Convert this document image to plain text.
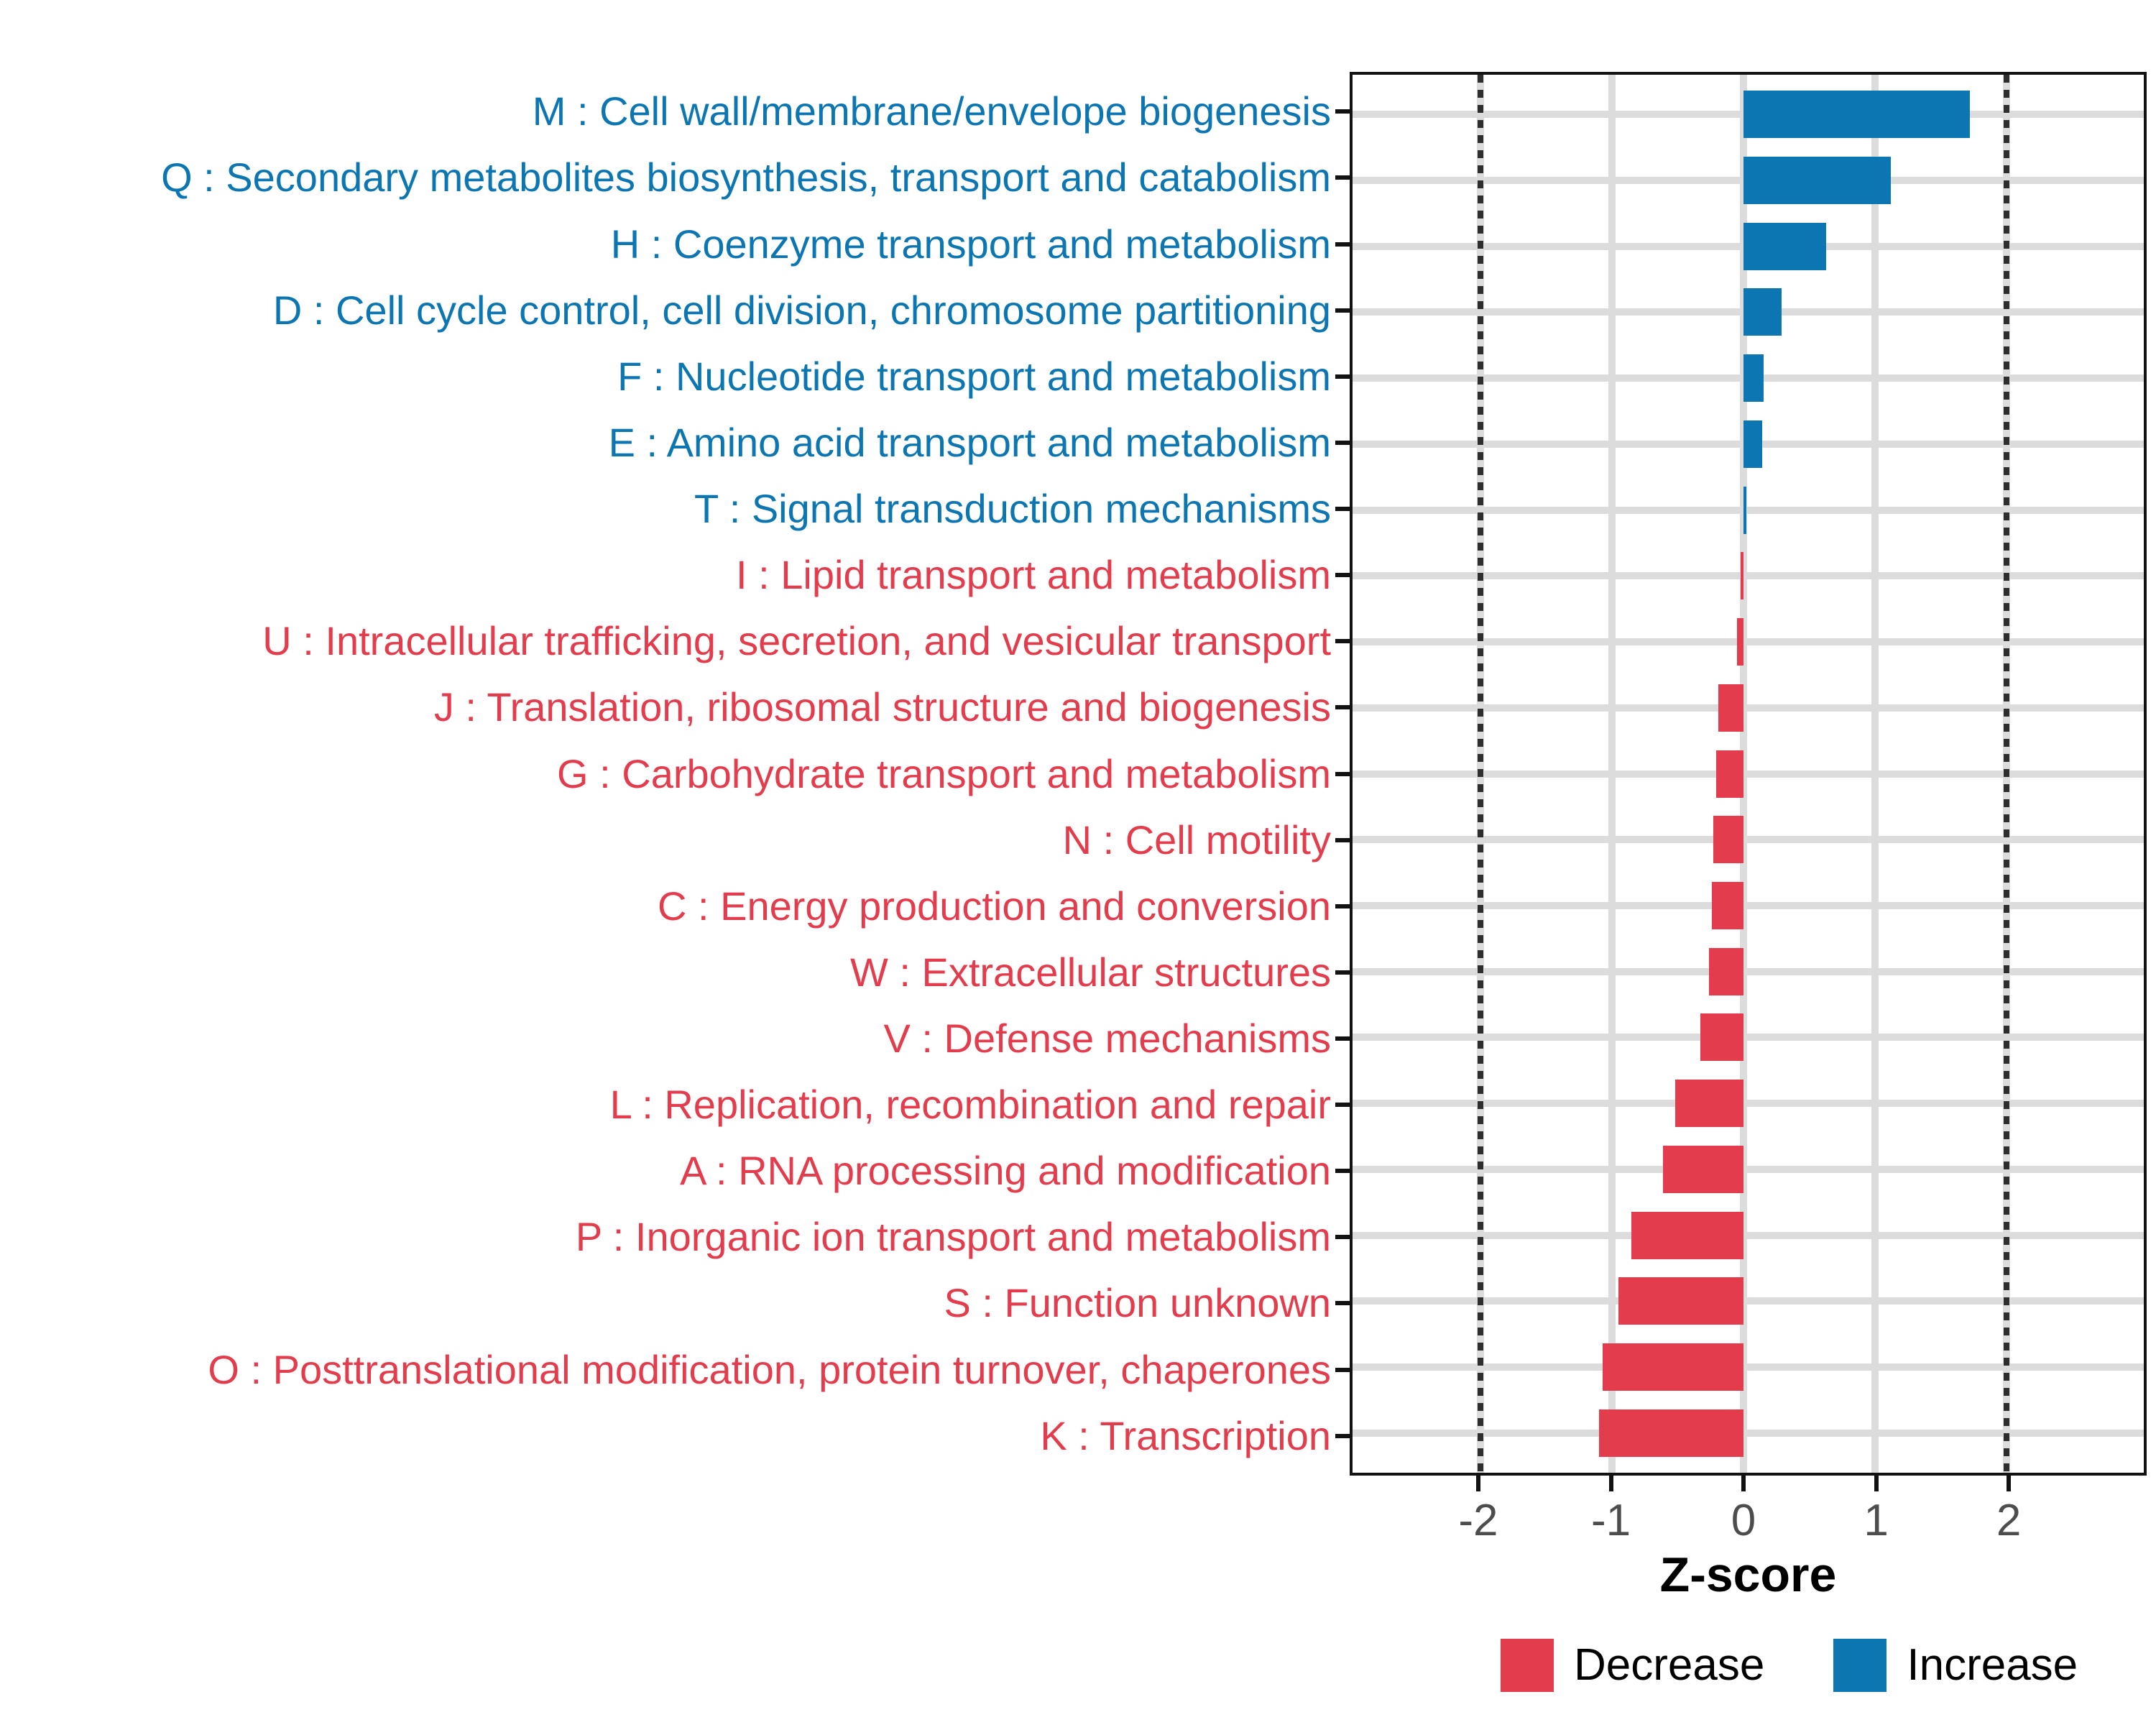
M : Cell wall/membrane/envelope biogenesis
Q : Secondary metabolites biosynthesis, transport and catabolism
H : Coenzyme transport and metabolism
D : Cell cycle control, cell division, chromosome partitioning
F : Nucleotide transport and metabolism
E : Amino acid transport and metabolism
T : Signal transduction mechanisms
I : Lipid transport and metabolism
U : Intracellular trafficking, secretion, and vesicular transport
J : Translation, ribosomal structure and biogenesis
G : Carbohydrate transport and metabolism
N : Cell motility
C : Energy production and conversion
W : Extracellular structures
V : Defense mechanisms
L : Replication, recombination and repair
A : RNA processing and modification
P : Inorganic ion transport and metabolism
S : Function unknown
O : Posttranslational modification, protein turnover, chaperones
K : Transcription
-2 -1 0 1 2
Z-score
Decrease	Increase
